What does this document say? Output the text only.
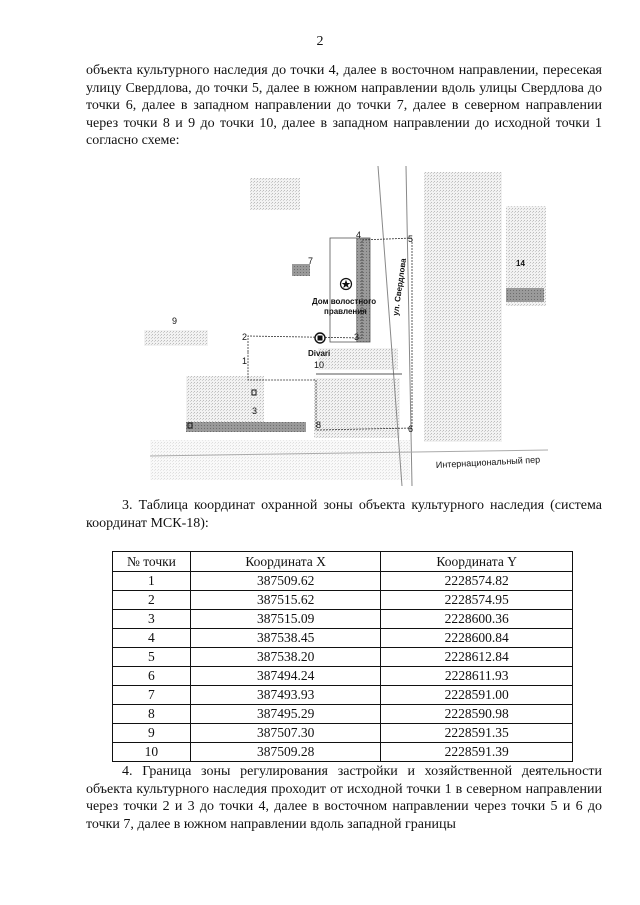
2
объекта культурного наследия до точки 4, далее в восточном направлении, пересекая улицу Свердлова, до точки 5, далее в южном направлении вдоль улицы Свердлова до точки 6, далее в западном направлении до точки 7, далее в северном направлении через точки 8 и 9 до точки 10, далее в западном направлении до исходной точки 1 согласно схеме:
1
2
3
4	5
6
7
8
9
10
3
14
Дом волостного
правления
Divari
ул. Свердлова
Интернациональный пер
3. Таблица координат охранной зоны объекта культурного наследия (система координат МСК-18):
№ точки	Координата X	Координата Y
1	387509.62	2228574.82
2	387515.62	2228574.95
3	387515.09	2228600.36
4	387538.45	2228600.84
5	387538.20	2228612.84
6	387494.24	2228611.93
7	387493.93	2228591.00
8	387495.29	2228590.98
9	387507.30	2228591.35
10	387509.28	2228591.39
4. Граница зоны регулирования застройки и хозяйственной деятельности объекта культурного наследия проходит от исходной точки 1 в северном направлении через точки 2 и 3 до точки 4, далее в восточном направлении через точки 5 и 6 до точки 7, далее в южном направлении вдоль западной границы
